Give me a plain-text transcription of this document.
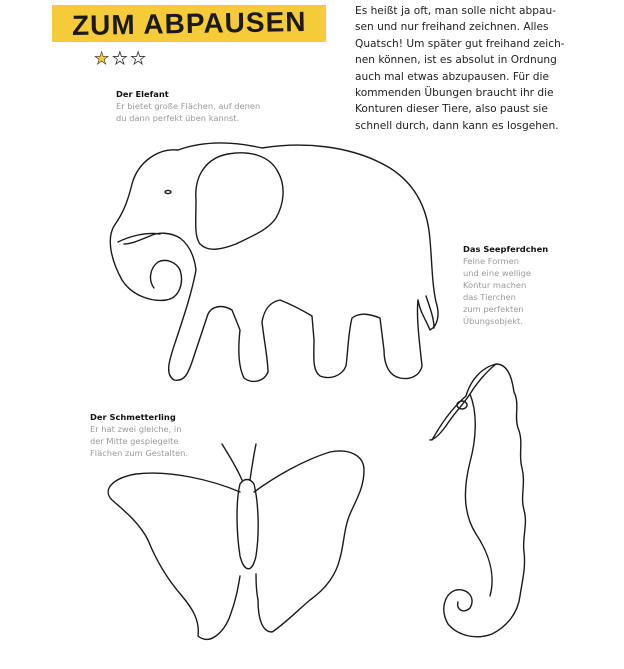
ZUM ABPAUSEN
★ ★ ★
Es heißt ja oft, man solle nicht abpau-
sen und nur freihand zeichnen. Alles
Quatsch! Um später gut freihand zeich-
nen können, ist es absolut in Ordnung
auch mal etwas abzupausen. Für die
kommenden Übungen braucht ihr die
Konturen dieser Tiere, also paust sie
schnell durch, dann kann es losgehen.
Der Elefant
Er bietet große Flächen, auf denen
du dann perfekt üben kannst.
Das Seepferdchen
Feine Formen
und eine wellige
Kontur machen
das Tierchen
zum perfekten
Übungsobjekt.
Der Schmetterling
Er hat zwei gleiche, in
der Mitte gespiegelte
Flächen zum Gestalten.
